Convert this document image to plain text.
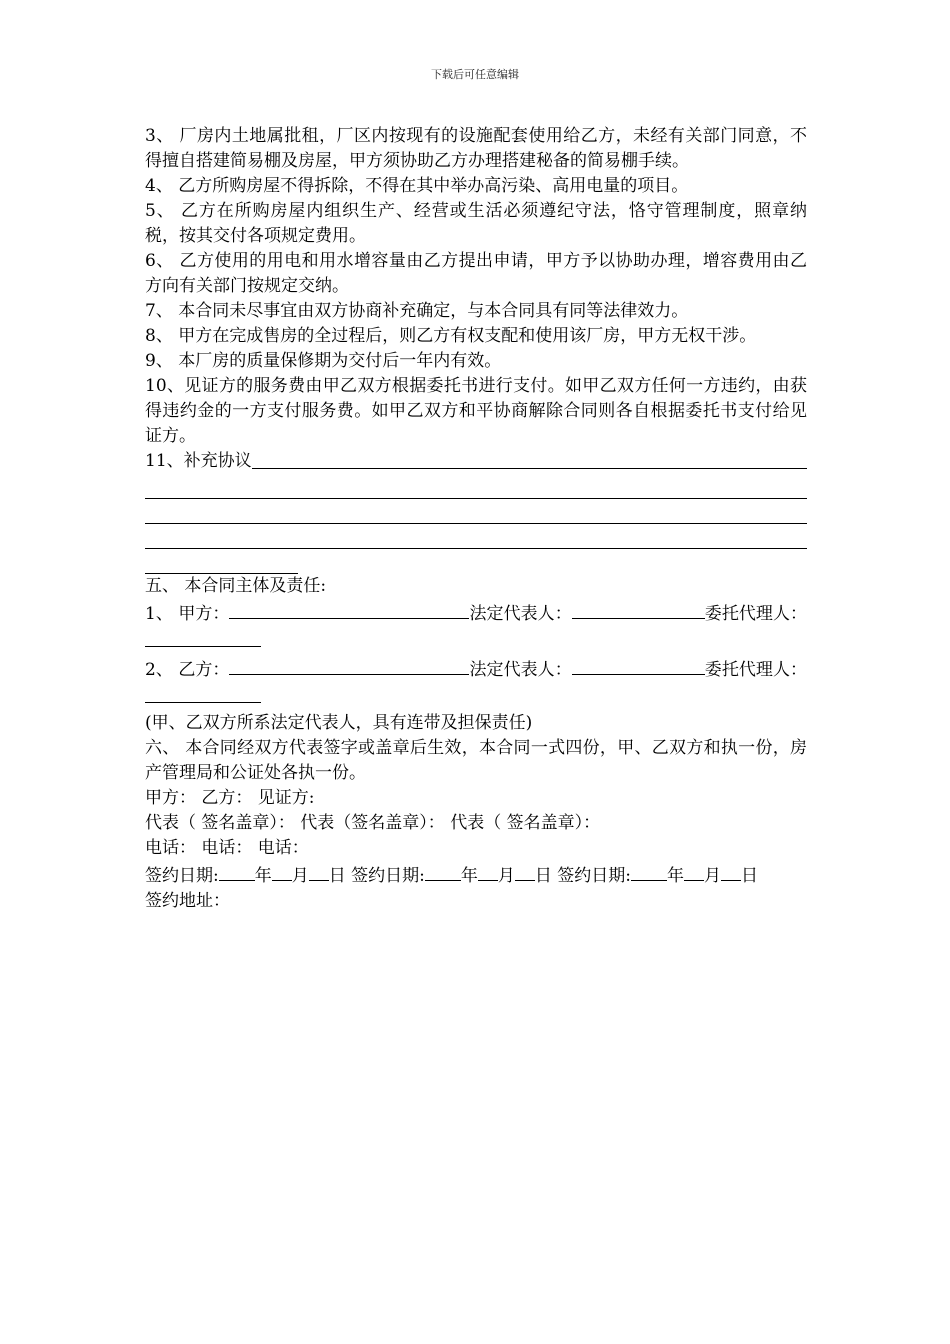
下载后可任意编辑

3、 厂房内土地属批租，厂区内按现有的设施配套使用给乙方，未经有关部门同意，不得擅自搭建简易棚及房屋，甲方须协助乙方办理搭建秘备的简易棚手续。

4、 乙方所购房屋不得拆除，不得在其中举办高污染、高用电量的项目。

5、 乙方在所购房屋内组织生产、经营或生活必须遵纪守法，恪守管理制度，照章纳税，按其交付各项规定费用。

6、 乙方使用的用电和用水增容量由乙方提出申请，甲方予以协助办理，增容费用由乙方向有关部门按规定交纳。

7、 本合同未尽事宜由双方协商补充确定，与本合同具有同等法律效力。

8、 甲方在完成售房的全过程后，则乙方有权支配和使用该厂房，甲方无权干涉。

9、 本厂房的质量保修期为交付后一年内有效。

10、见证方的服务费由甲乙双方根据委托书进行支付。如甲乙双方任何一方违约，由获得违约金的一方支付服务费。如甲乙双方和平协商解除合同则各自根据委托书支付给见证方。

11、补充协议

五、 本合同主体及责任:

1、 甲方：	法定代表人：	委托代理人：

2、 乙方：	法定代表人：	委托代理人：

(甲、乙双方所系法定代表人，具有连带及担保责任)

六、 本合同经双方代表签字或盖章后生效，本合同一式四份，甲、乙双方和执一份，房产管理局和公证处各执一份。

甲方： 乙方： 见证方:

代表（ 签名盖章）： 代表（签名盖章）： 代表（ 签名盖章）：

电话： 电话： 电话：

签约日期: 年 月 日 签约日期: 年 月 日 签约日期: 年 月 日

签约地址：
